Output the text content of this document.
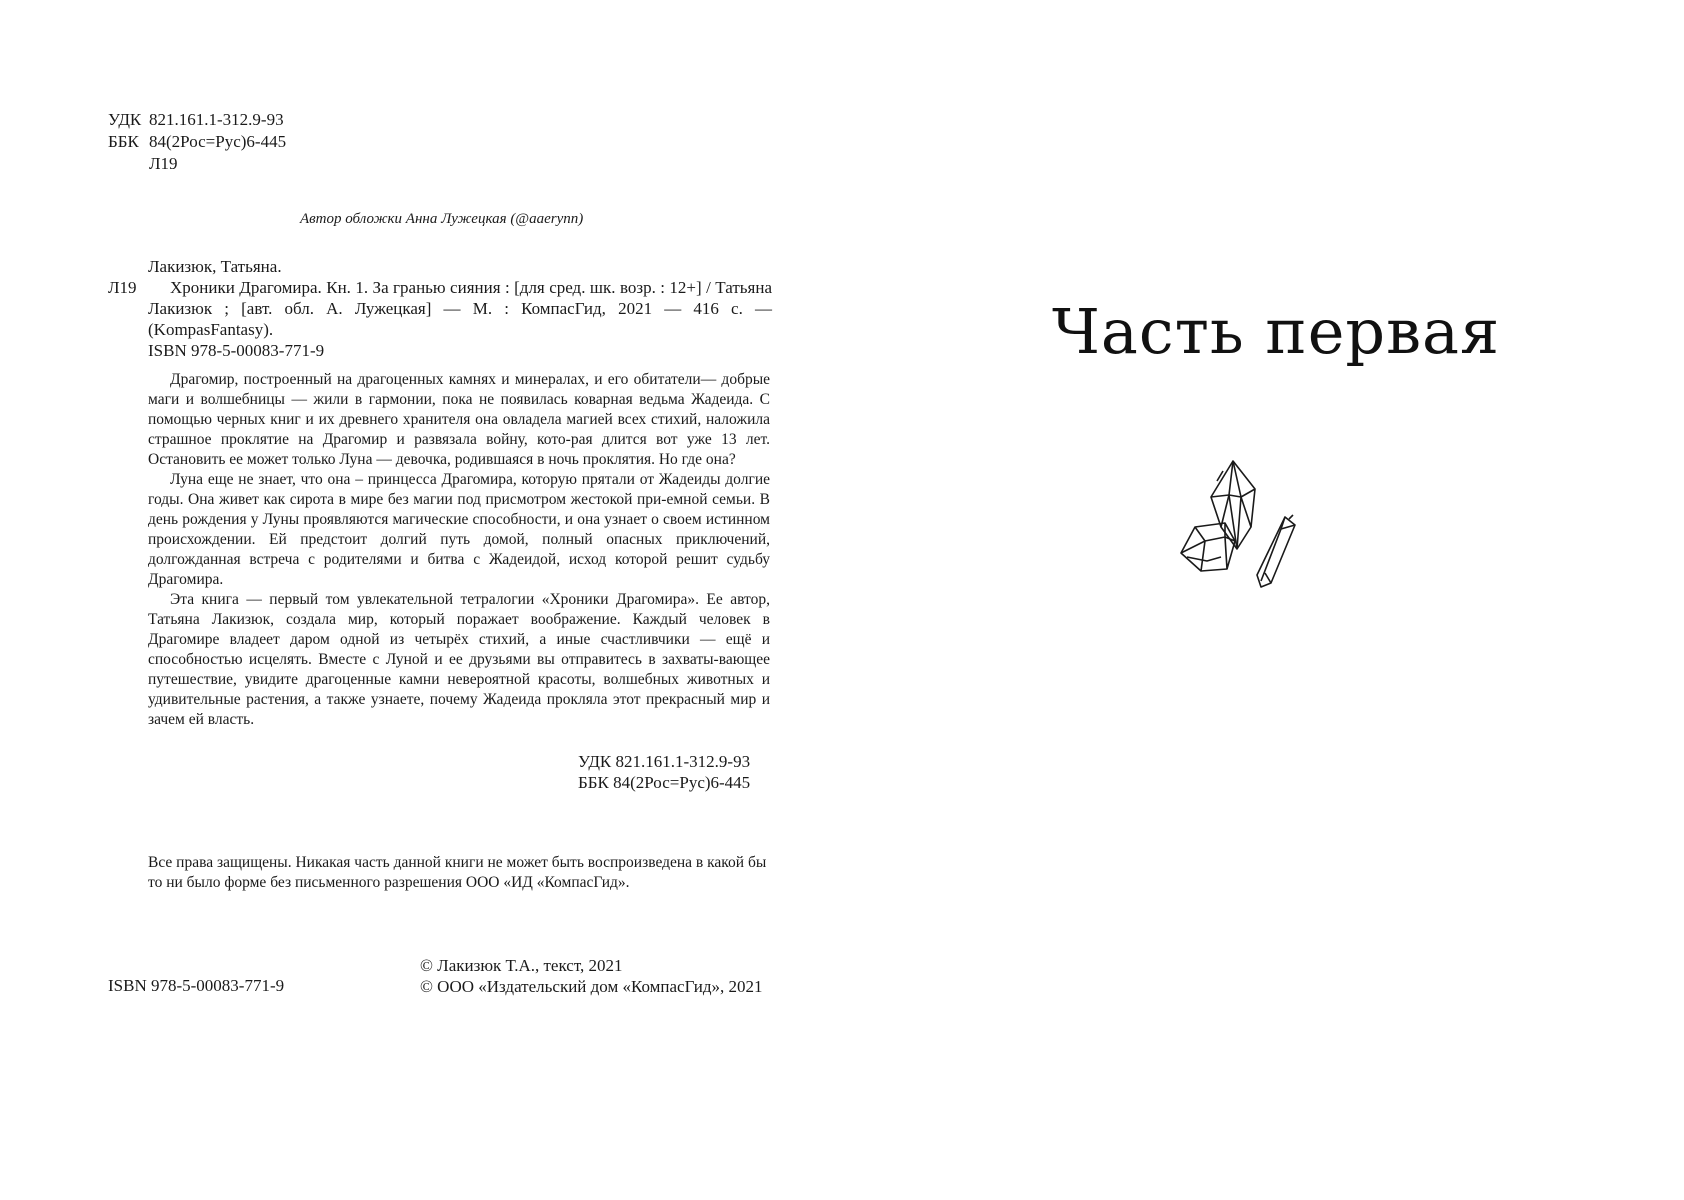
УДК 821.161.1-312.9-93
ББК 84(2Рос=Рус)6-445
Л19
Автор обложки Анна Лужецкая (@aaerynn)
Лакизюк, Татьяна.
Л19	Хроники Драгомира. Кн. 1. За гранью сияния : [для сред. шк. возр. : 12+] / Татьяна Лакизюк ; [авт. обл. А. Лужецкая] — М. : КомпасГид, 2021 — 416 с. — (KompasFantasy).
ISBN 978-5-00083-771-9

Драгомир, построенный на драгоценных камнях и минералах, и его обитатели— добрые маги и волшебницы — жили в гармонии, пока не появилась коварная ведьма Жадеида. С помощью черных книг и их древнего хранителя она овладела магией всех стихий, наложила страшное проклятие на Драгомир и развязала войну, кото-рая длится вот уже 13 лет. Остановить ее может только Луна — девочка, родившаяся в ночь проклятия. Но где она?

Луна еще не знает, что она – принцесса Драгомира, которую прятали от Жадеиды долгие годы. Она живет как сирота в мире без магии под присмотром жестокой при-емной семьи. В день рождения у Луны проявляются магические способности, и она узнает о своем истинном происхождении. Ей предстоит долгий путь домой, полный опасных приключений, долгожданная встреча с родителями и битва с Жадеидой, исход которой решит судьбу Драгомира.

Эта книга — первый том увлекательной тетралогии «Хроники Драгомира». Ее автор, Татьяна Лакизюк, создала мир, который поражает воображение. Каждый человек в Драгомире владеет даром одной из четырёх стихий, а иные счастливчики — ещё и способностью исцелять. Вместе с Луной и ее друзьями вы отправитесь в захваты-вающее путешествие, увидите драгоценные камни невероятной красоты, волшебных животных и удивительные растения, а также узнаете, почему Жадеида прокляла этот прекрасный мир и зачем ей власть.

УДК 821.161.1-312.9-93
ББК 84(2Рос=Рус)6-445
Все права защищены. Никакая часть данной книги не может быть воспроизведена в какой бы то ни было форме без письменного разрешения ООО «ИД «КомпасГид».
ISBN 978-5-00083-771-9
© Лакизюк Т.А., текст, 2021
© ООО «Издательский дом «КомпасГид», 2021
Часть первая
